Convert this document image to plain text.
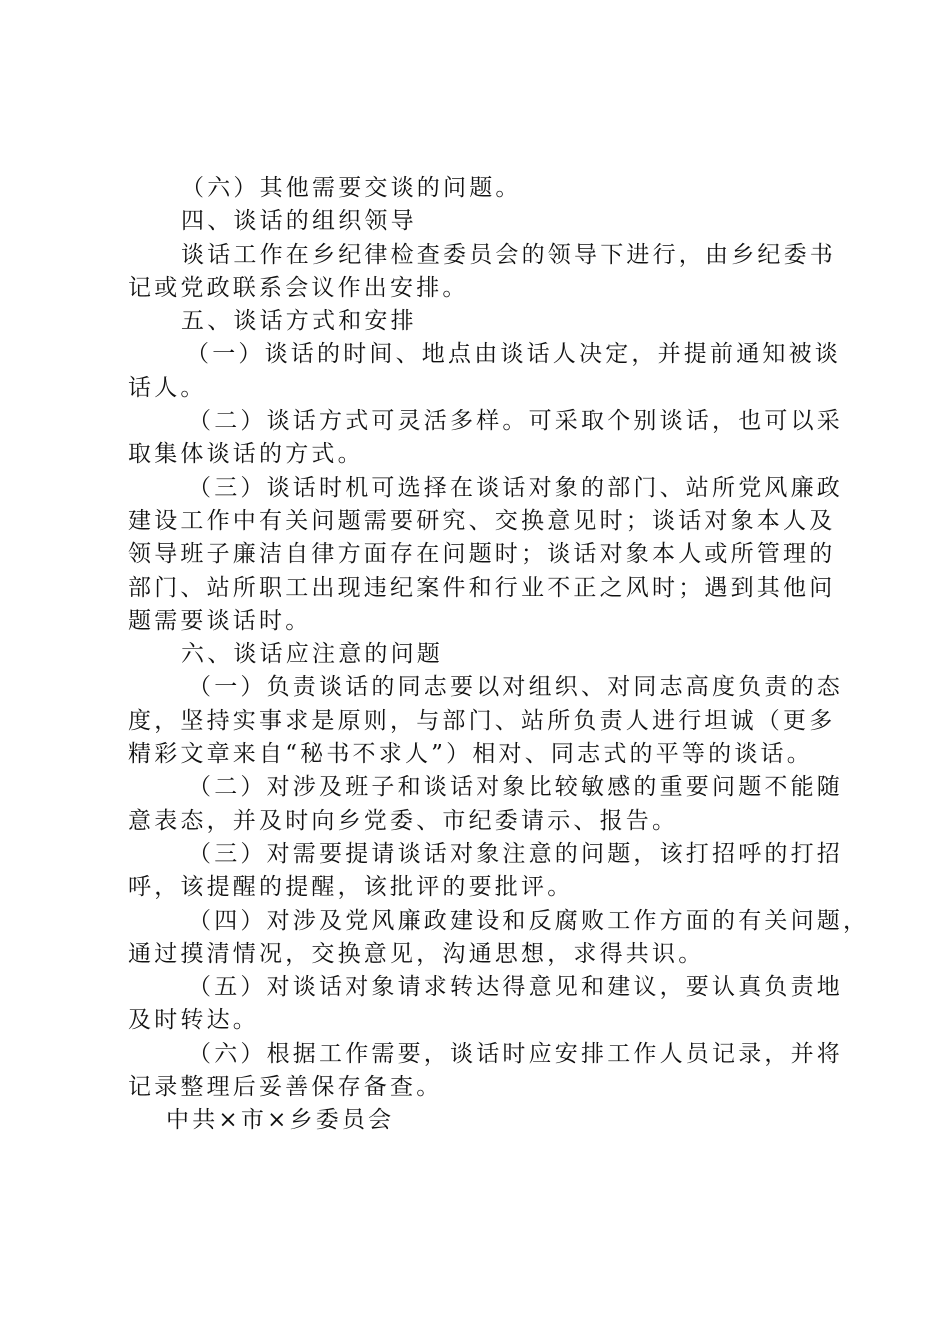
（六）其他需要交谈的问题。
四、谈话的组织领导
谈话工作在乡纪律检查委员会的领导下进行，由乡纪委书
记或党政联系会议作出安排。
五、谈话方式和安排
（一）谈话的时间、地点由谈话人决定，并提前通知被谈
话人。
（二）谈话方式可灵活多样。可采取个别谈话，也可以采
取集体谈话的方式。
（三）谈话时机可选择在谈话对象的部门、站所党风廉政
建设工作中有关问题需要研究、交换意见时；谈话对象本人及
领导班子廉洁自律方面存在问题时；谈话对象本人或所管理的
部门、站所职工出现违纪案件和行业不正之风时；遇到其他问
题需要谈话时。
六、谈话应注意的问题
（一）负责谈话的同志要以对组织、对同志高度负责的态
度，坚持实事求是原则，与部门、站所负责人进行坦诚（更多
精彩文章来自“秘书不求人”）相对、同志式的平等的谈话。
（二）对涉及班子和谈话对象比较敏感的重要问题不能随
意表态，并及时向乡党委、市纪委请示、报告。
（三）对需要提请谈话对象注意的问题，该打招呼的打招
呼，该提醒的提醒，该批评的要批评。
（四）对涉及党风廉政建设和反腐败工作方面的有关问题，
通过摸清情况，交换意见，沟通思想，求得共识。
（五）对谈话对象请求转达得意见和建议，要认真负责地
及时转达。
（六）根据工作需要，谈话时应安排工作人员记录，并将
记录整理后妥善保存备查。
中共×市×乡委员会
